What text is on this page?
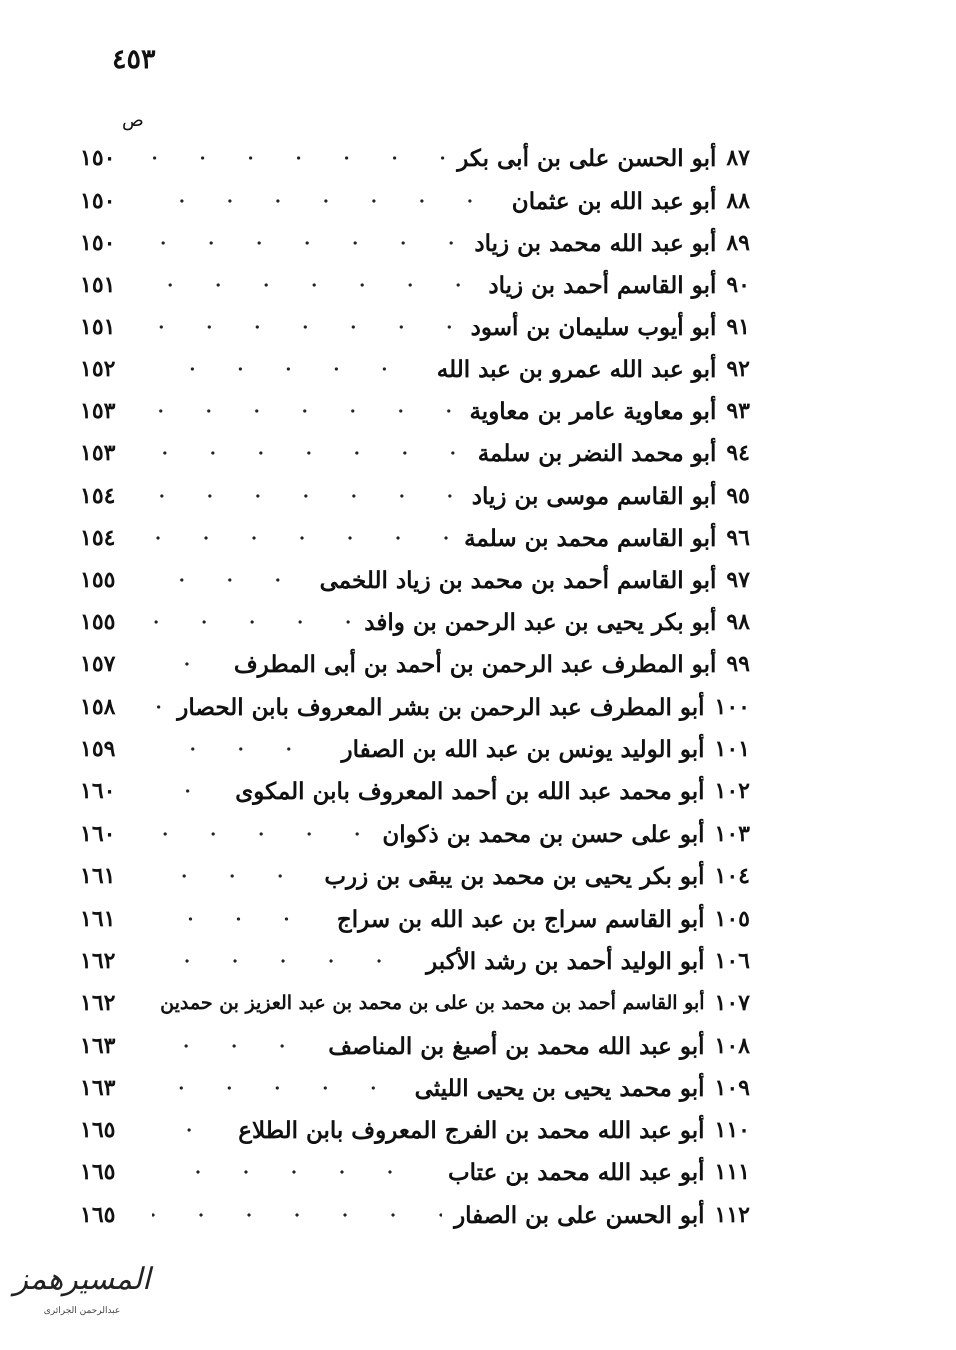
٤٥٣
ص
٨٧
أبو الحسن على بن أبى بكر
١٥٠
٨٨
أبو عبد الله بن عثمان
١٥٠
٨٩
أبو عبد الله محمد بن زياد
١٥٠
٩٠
أبو القاسم أحمد بن زياد
١٥١
٩١
أبو أيوب سليمان بن أسود
١٥١
٩٢
أبو عبد الله عمرو بن عبد الله
١٥٢
٩٣
أبو معاوية عامر بن معاوية
١٥٣
٩٤
أبو محمد النضر بن سلمة
١٥٣
٩٥
أبو القاسم موسى بن زياد
١٥٤
٩٦
أبو القاسم محمد بن سلمة
١٥٤
٩٧
أبو القاسم أحمد بن محمد بن زياد اللخمى
١٥٥
٩٨
أبو بكر يحيى بن عبد الرحمن بن وافد
١٥٥
٩٩
أبو المطرف عبد الرحمن بن أحمد بن أبى المطرف
١٥٧
١٠٠
أبو المطرف عبد الرحمن بن بشر المعروف بابن الحصار
١٥٨
١٠١
أبو الوليد يونس بن عبد الله بن الصفار
١٥٩
١٠٢
أبو محمد عبد الله بن أحمد المعروف بابن المكوى
١٦٠
١٠٣
أبو على حسن بن محمد بن ذكوان
١٦٠
١٠٤
أبو بكر يحيى بن محمد بن يبقى بن زرب
١٦١
١٠٥
أبو القاسم سراج بن عبد الله بن سراج
١٦١
١٠٦
أبو الوليد أحمد بن رشد الأكبر
١٦٢
١٠٧
أبو القاسم أحمد بن محمد بن على بن محمد بن عبد العزيز بن حمدين
١٦٢
١٠٨
أبو عبد الله محمد بن أصبغ بن المناصف
١٦٣
١٠٩
أبو محمد يحيى بن يحيى الليثى
١٦٣
١١٠
أبو عبد الله محمد بن الفرج المعروف بابن الطلاع
١٦٥
١١١
أبو عبد الله محمد بن عتاب
١٦٥
١١٢
أبو الحسن على بن الصفار
١٦٥
المسيرهمز
عبدالرحمن الجرائرى
